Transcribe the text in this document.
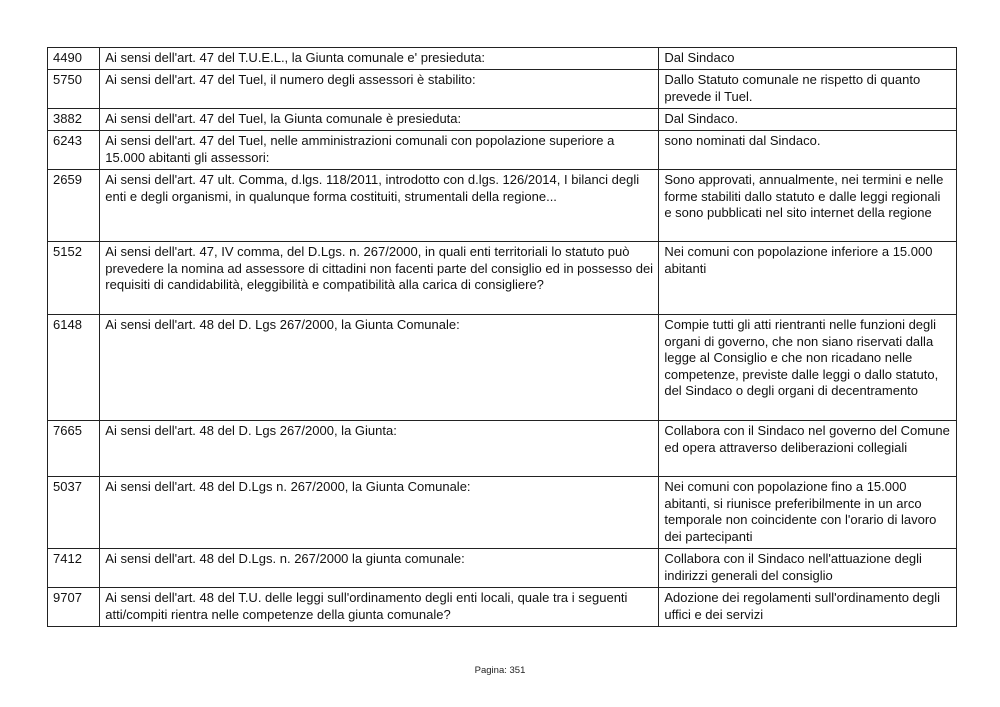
4490	Ai sensi dell'art. 47 del T.U.E.L., la Giunta comunale e' presieduta:	Dal Sindaco
5750	Ai sensi dell'art. 47 del Tuel, il numero degli assessori è stabilito:	Dallo Statuto comunale ne rispetto di quanto prevede il Tuel.
3882	Ai sensi dell'art. 47 del Tuel, la Giunta comunale è presieduta:	Dal Sindaco.
6243	Ai sensi dell'art. 47 del Tuel, nelle amministrazioni comunali con popolazione superiore a 15.000 abitanti gli assessori:	sono nominati dal Sindaco.
2659	Ai sensi dell'art. 47 ult. Comma, d.lgs. 118/2011, introdotto con d.lgs. 126/2014, I bilanci degli enti e degli organismi, in qualunque forma costituiti, strumentali della regione...	Sono approvati, annualmente, nei termini e nelle forme stabiliti dallo statuto e dalle leggi regionali e sono pubblicati nel sito internet della regione
5152	Ai sensi dell'art. 47, IV comma, del D.Lgs. n. 267/2000, in quali enti territoriali lo statuto può prevedere la nomina ad assessore di cittadini non facenti parte del consiglio ed in possesso dei requisiti di candidabilità, eleggibilità e compatibilità alla carica di consigliere?	Nei comuni con popolazione inferiore a 15.000 abitanti
6148	Ai sensi dell'art. 48 del D. Lgs 267/2000, la Giunta Comunale:	Compie tutti gli atti rientranti nelle funzioni degli organi di governo, che non siano riservati dalla legge al Consiglio e che non ricadano nelle competenze, previste dalle leggi o dallo statuto, del Sindaco o degli organi di decentramento
7665	Ai sensi dell'art. 48 del D. Lgs 267/2000, la Giunta:	Collabora con il Sindaco nel governo del Comune ed opera attraverso deliberazioni collegiali
5037	Ai sensi dell'art. 48 del D.Lgs n. 267/2000, la Giunta Comunale:	Nei comuni con popolazione fino a 15.000 abitanti, si riunisce preferibilmente in un arco temporale non coincidente con l'orario di lavoro dei partecipanti
7412	Ai sensi dell'art. 48 del D.Lgs. n. 267/2000 la giunta comunale:	Collabora con il Sindaco nell'attuazione degli indirizzi generali del consiglio
9707	Ai sensi dell'art. 48 del T.U. delle leggi sull'ordinamento degli enti locali, quale tra i seguenti atti/compiti rientra nelle competenze della giunta comunale?	Adozione dei regolamenti sull'ordinamento degli uffici e dei servizi
Pagina: 351
